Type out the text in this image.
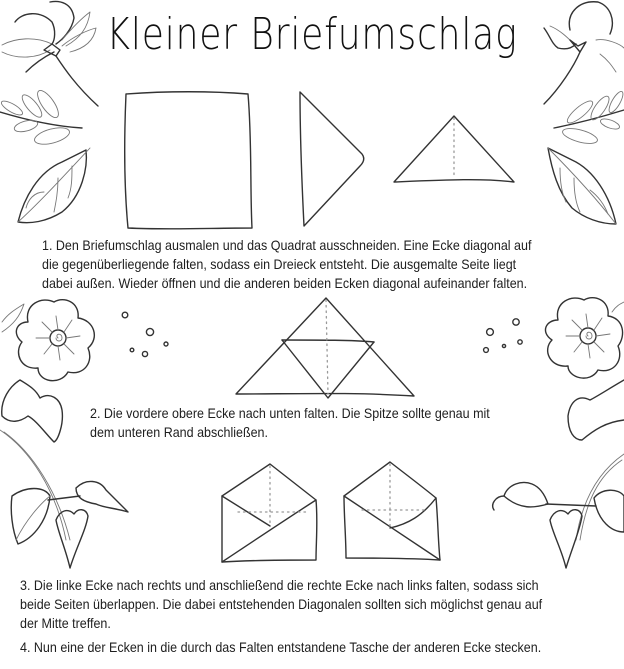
Kleiner Briefumschlag
1. Den Briefumschlag ausmalen und das Quadrat ausschneiden. Eine Ecke diagonal auf
die gegenüberliegende falten, sodass ein Dreieck entsteht. Die ausgemalte Seite liegt
dabei außen. Wieder öffnen und die anderen beiden Ecken diagonal aufeinander falten.
2. Die vordere obere Ecke nach unten falten. Die Spitze sollte genau mit
dem unteren Rand abschließen.
3. Die linke Ecke nach rechts und anschließend die rechte Ecke nach links falten, sodass sich
beide Seiten überlappen. Die dabei entstehenden Diagonalen sollten sich möglichst genau auf
der Mitte treffen.
4. Nun eine der Ecken in die durch das Falten entstandene Tasche der anderen Ecke stecken.
